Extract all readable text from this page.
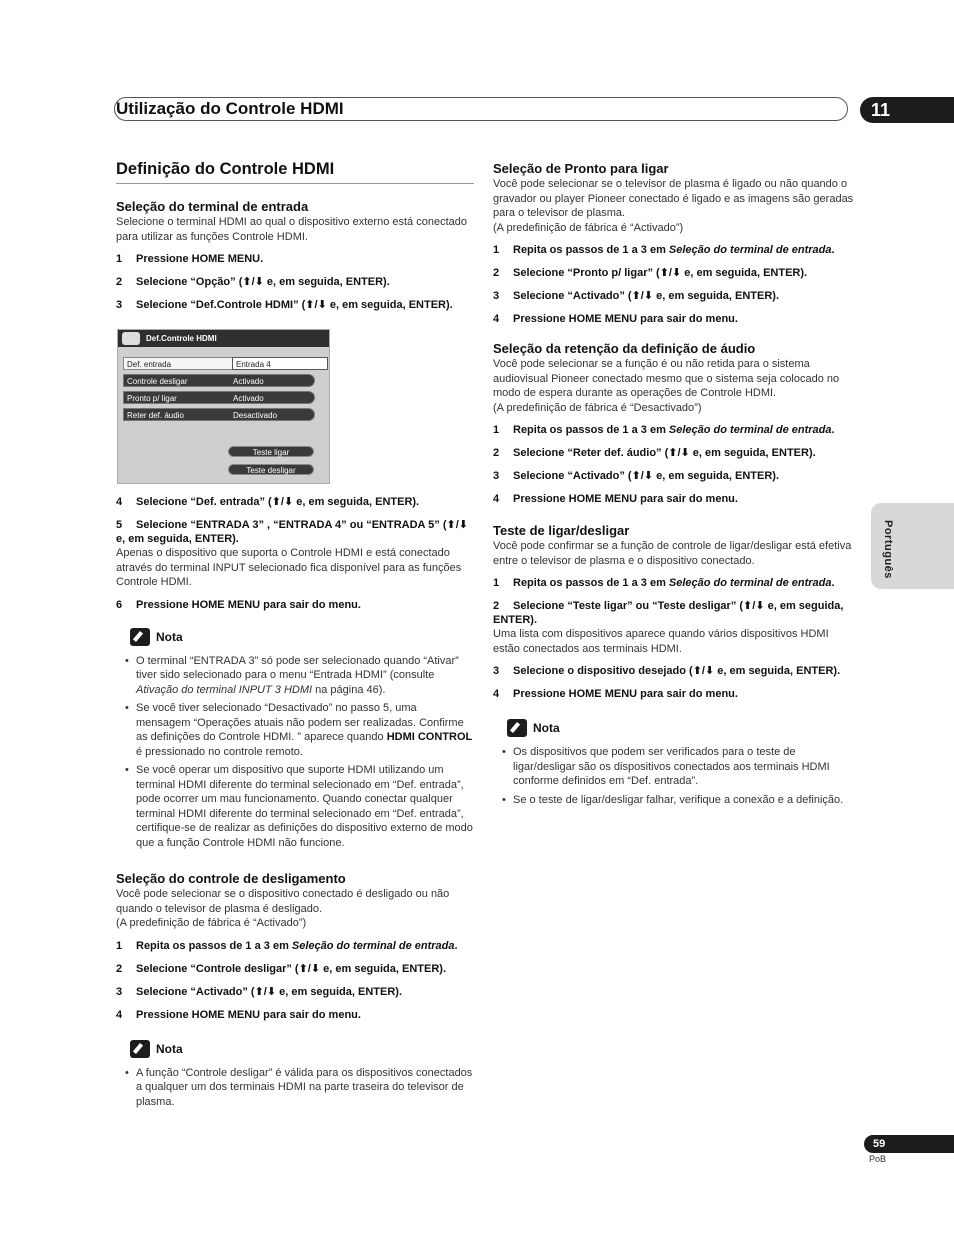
Utilização do Controle HDMI	11
Definição do Controle HDMI
Seleção do terminal de entrada

Selecione o terminal HDMI ao qual o dispositivo externo está conectado para utilizar as funções Controle HDMI.

1 Pressione HOME MENU.

2 Selecione “Opção” (⬆/⬇ e, em seguida, ENTER).

3 Selecione “Def.Controle HDMI” (⬆/⬇ e, em seguida, ENTER).

4 Selecione “Def. entrada” (⬆/⬇ e, em seguida, ENTER).

5 Selecione “ENTRADA 3” , “ENTRADA 4” ou “ENTRADA 5” (⬆/⬇ e, em seguida, ENTER).

Apenas o dispositivo que suporta o Controle HDMI e está conectado através do terminal INPUT selecionado fica disponível para as funções Controle HDMI.

6 Pressione HOME MENU para sair do menu.

Nota
• O terminal “ENTRADA 3” só pode ser selecionado quando “Ativar” tiver sido selecionado para o menu “Entrada HDMI” (consulte Ativação do terminal INPUT 3 HDMI na página 46).
• Se você tiver selecionado “Desactivado” no passo 5, uma mensagem “Operações atuais não podem ser realizadas. Confirme as definições do Controle HDMI. ” aparece quando HDMI CONTROL é pressionado no controle remoto.
• Se você operar um dispositivo que suporte HDMI utilizando um terminal HDMI diferente do terminal selecionado em “Def. entrada”, pode ocorrer um mau funcionamento. Quando conectar qualquer terminal HDMI diferente do terminal selecionado em “Def. entrada”, certifique-se de realizar as definições do dispositivo externo de modo que a função Controle HDMI não funcione.
Seleção do controle de desligamento

Você pode selecionar se o dispositivo conectado é desligado ou não quando o televisor de plasma é desligado.

(A predefinição de fábrica é “Activado”)

1 Repita os passos de 1 a 3 em Seleção do terminal de entrada.

2 Selecione “Controle desligar” (⬆/⬇ e, em seguida, ENTER).

3 Selecione “Activado” (⬆/⬇ e, em seguida, ENTER).

4 Pressione HOME MENU para sair do menu.

Nota
• A função “Controle desligar” é válida para os dispositivos conectados a qualquer um dos terminais HDMI na parte traseira do televisor de plasma.
Def.Controle HDMI
Def. entrada	Entrada 4
Controle desligar	Activado
Pronto p/ ligar	Activado
Reter def. áudio	Desactivado
Teste ligar
Teste desligar
Seleção de Pronto para ligar

Você pode selecionar se o televisor de plasma é ligado ou não quando o gravador ou player Pioneer conectado é ligado e as imagens são geradas para o televisor de plasma.

(A predefinição de fábrica é “Activado”)

1 Repita os passos de 1 a 3 em Seleção do terminal de entrada.

2 Selecione “Pronto p/ ligar” (⬆/⬇ e, em seguida, ENTER).

3 Selecione “Activado” (⬆/⬇ e, em seguida, ENTER).

4 Pressione HOME MENU para sair do menu.

Seleção da retenção da definição de áudio

Você pode selecionar se a função é ou não retida para o sistema audiovisual Pioneer conectado mesmo que o sistema seja colocado no modo de espera durante as operações de Controle HDMI.

(A predefinição de fábrica é “Desactivado”)

1 Repita os passos de 1 a 3 em Seleção do terminal de entrada.

2 Selecione “Reter def. áudio” (⬆/⬇ e, em seguida, ENTER).

3 Selecione “Activado” (⬆/⬇ e, em seguida, ENTER).

4 Pressione HOME MENU para sair do menu.

Teste de ligar/desligar

Você pode confirmar se a função de controle de ligar/desligar está efetiva entre o televisor de plasma e o dispositivo conectado.

1 Repita os passos de 1 a 3 em Seleção do terminal de entrada.

2 Selecione “Teste ligar” ou “Teste desligar” (⬆/⬇ e, em seguida, ENTER).

Uma lista com dispositivos aparece quando vários dispositivos HDMI estão conectados aos terminais HDMI.

3 Selecione o dispositivo desejado (⬆/⬇ e, em seguida, ENTER).

4 Pressione HOME MENU para sair do menu.

Nota
• Os dispositivos que podem ser verificados para o teste de ligar/desligar são os dispositivos conectados aos terminais HDMI conforme definidos em “Def. entrada”.
• Se o teste de ligar/desligar falhar, verifique a conexão e a definição.
Português
59
PoB
